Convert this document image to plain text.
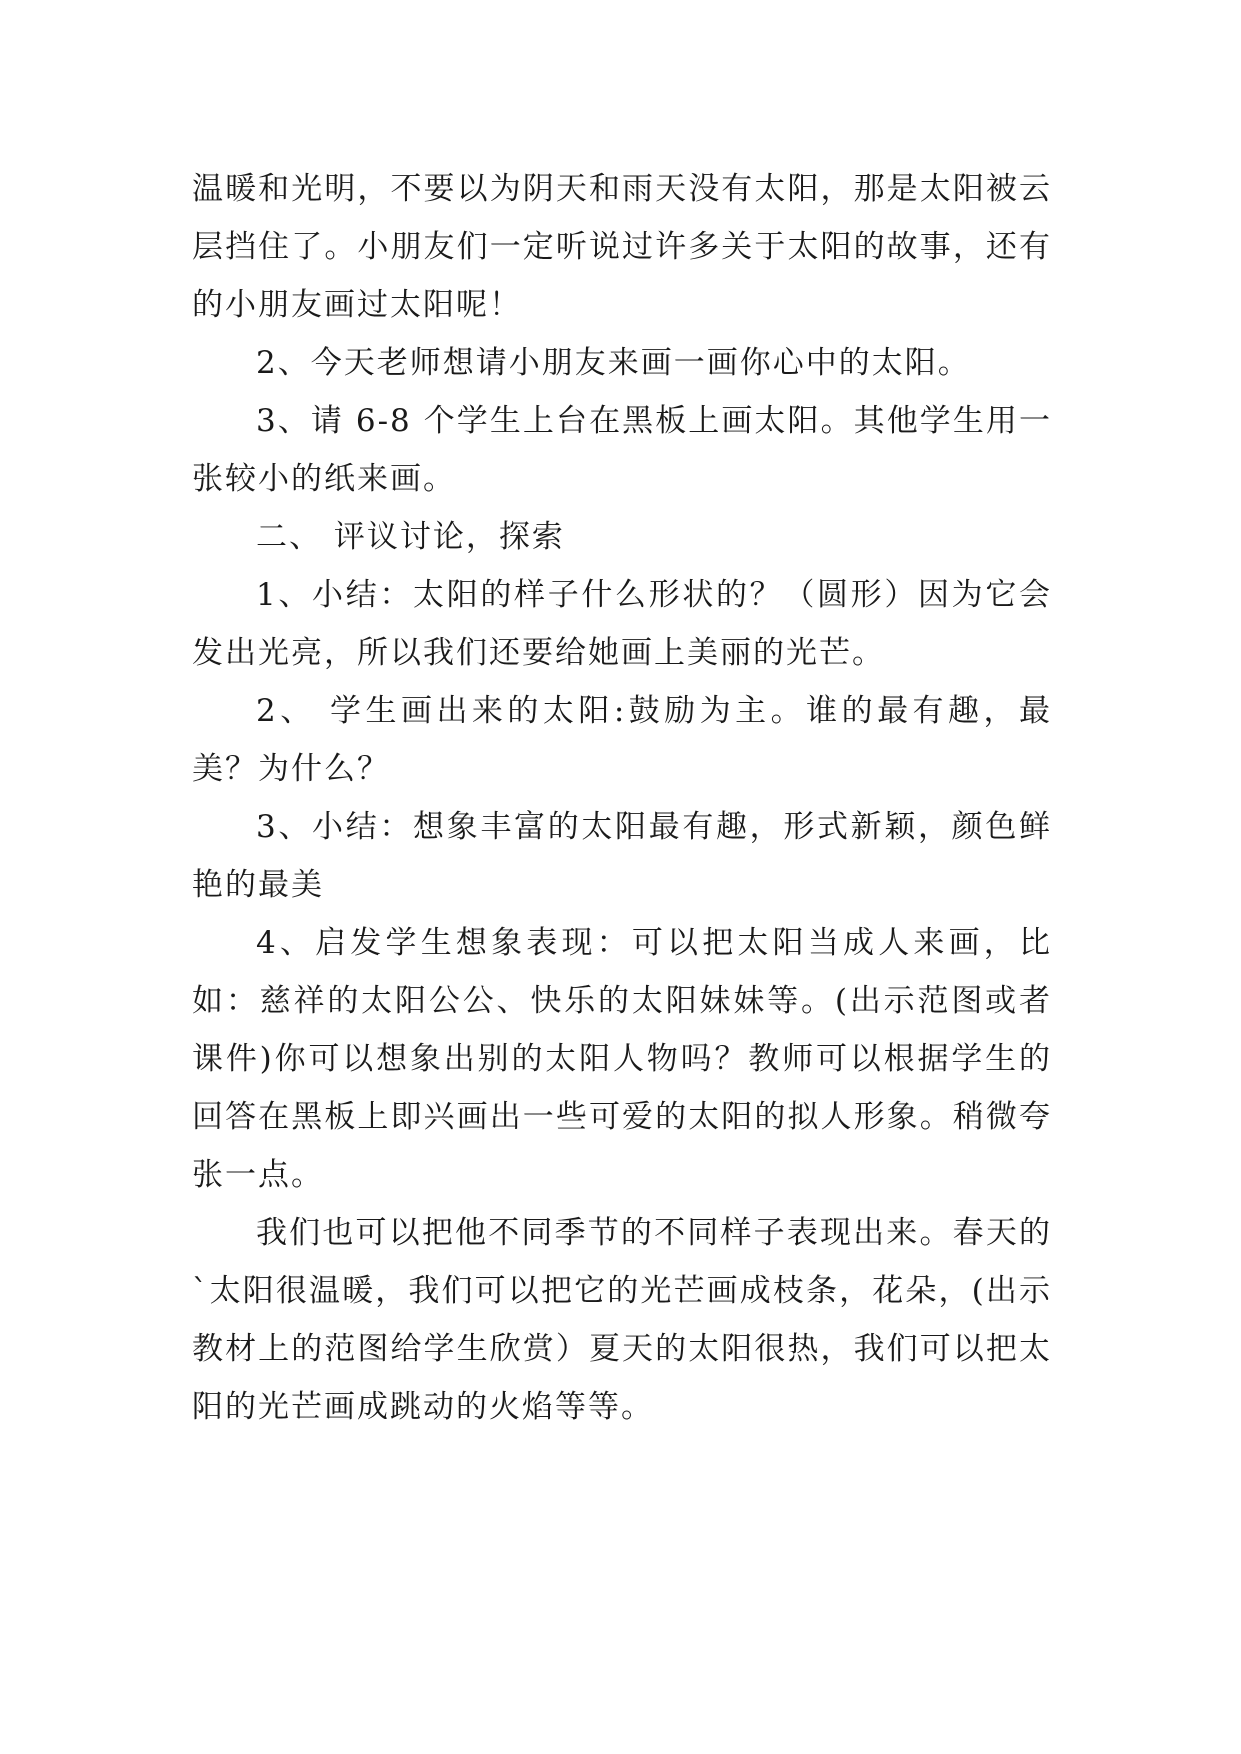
温暖和光明，不要以为阴天和雨天没有太阳，那是太阳被云层挡住了。小朋友们一定听说过许多关于太阳的故事，还有的小朋友画过太阳呢！

2、今天老师想请小朋友来画一画你心中的太阳。

3、请 6-8 个学生上台在黑板上画太阳。其他学生用一张较小的纸来画。

二、 评议讨论，探索

1、小结：太阳的样子什么形状的？（圆形）因为它会发出光亮，所以我们还要给她画上美丽的光芒。

2、 学生画出来的太阳:鼓励为主。谁的最有趣，最美？为什么？

3、小结：想象丰富的太阳最有趣，形式新颖，颜色鲜艳的最美

4、启发学生想象表现：可以把太阳当成人来画，比如：慈祥的太阳公公、快乐的太阳妹妹等。(出示范图或者课件)你可以想象出别的太阳人物吗？教师可以根据学生的回答在黑板上即兴画出一些可爱的太阳的拟人形象。稍微夸张一点。

我们也可以把他不同季节的不同样子表现出来。春天的`太阳很温暖，我们可以把它的光芒画成枝条，花朵，(出示教材上的范图给学生欣赏）夏天的太阳很热，我们可以把太阳的光芒画成跳动的火焰等等。
